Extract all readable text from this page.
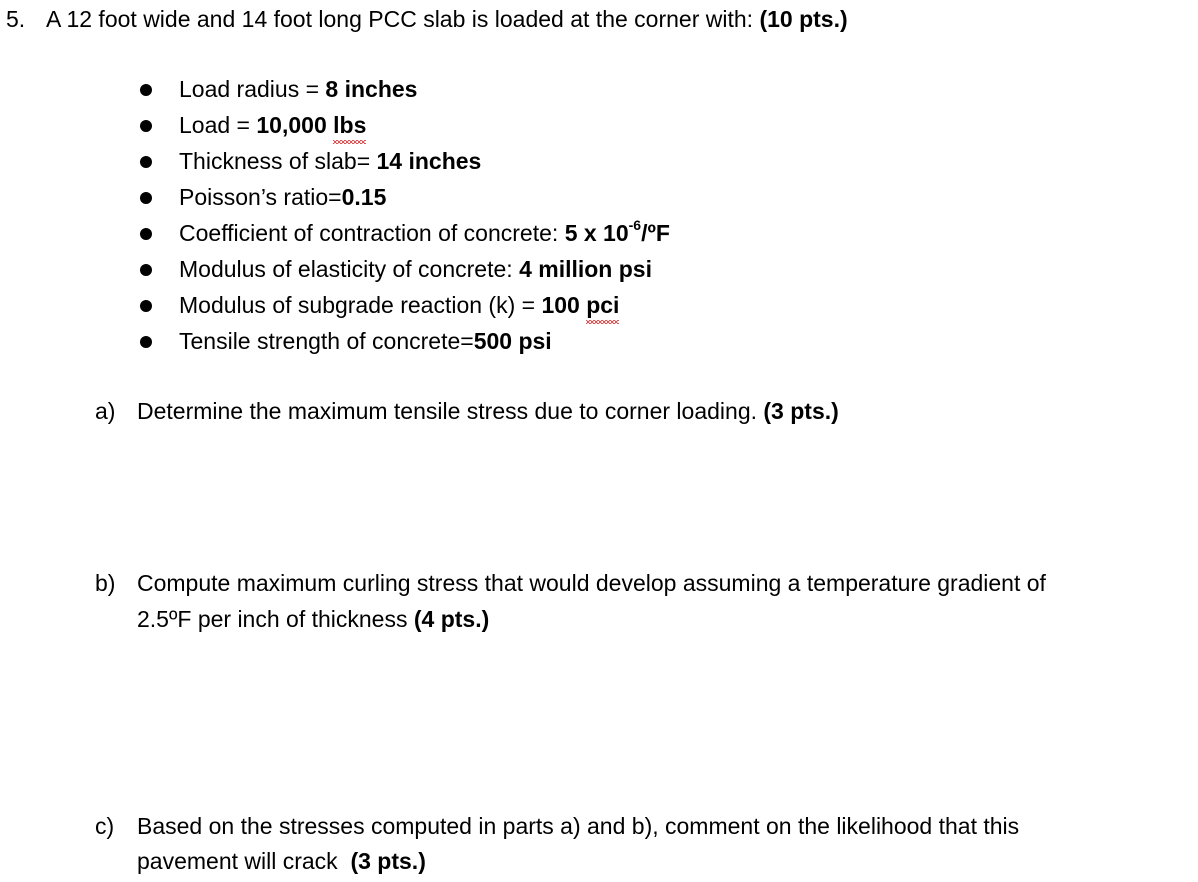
5. A 12 foot wide and 14 foot long PCC slab is loaded at the corner with: (10 pts.)
Load radius = 8 inches
Load = 10,000 lbs
Thickness of slab= 14 inches
Poisson’s ratio=0.15
Coefficient of contraction of concrete: 5 x $10^{-6}/ºF$
Modulus of elasticity of concrete: 4 million psi
Modulus of subgrade reaction (k) = 100 pci
Tensile strength of concrete=500 psi
a) Determine the maximum tensile stress due to corner loading. (3 pts.)
b) Compute maximum curling stress that would develop assuming a temperature gradient of
2.5ºF per inch of thickness (4 pts.)
c) Based on the stresses computed in parts a) and b), comment on the likelihood that this
pavement will crack  (3 pts.)
